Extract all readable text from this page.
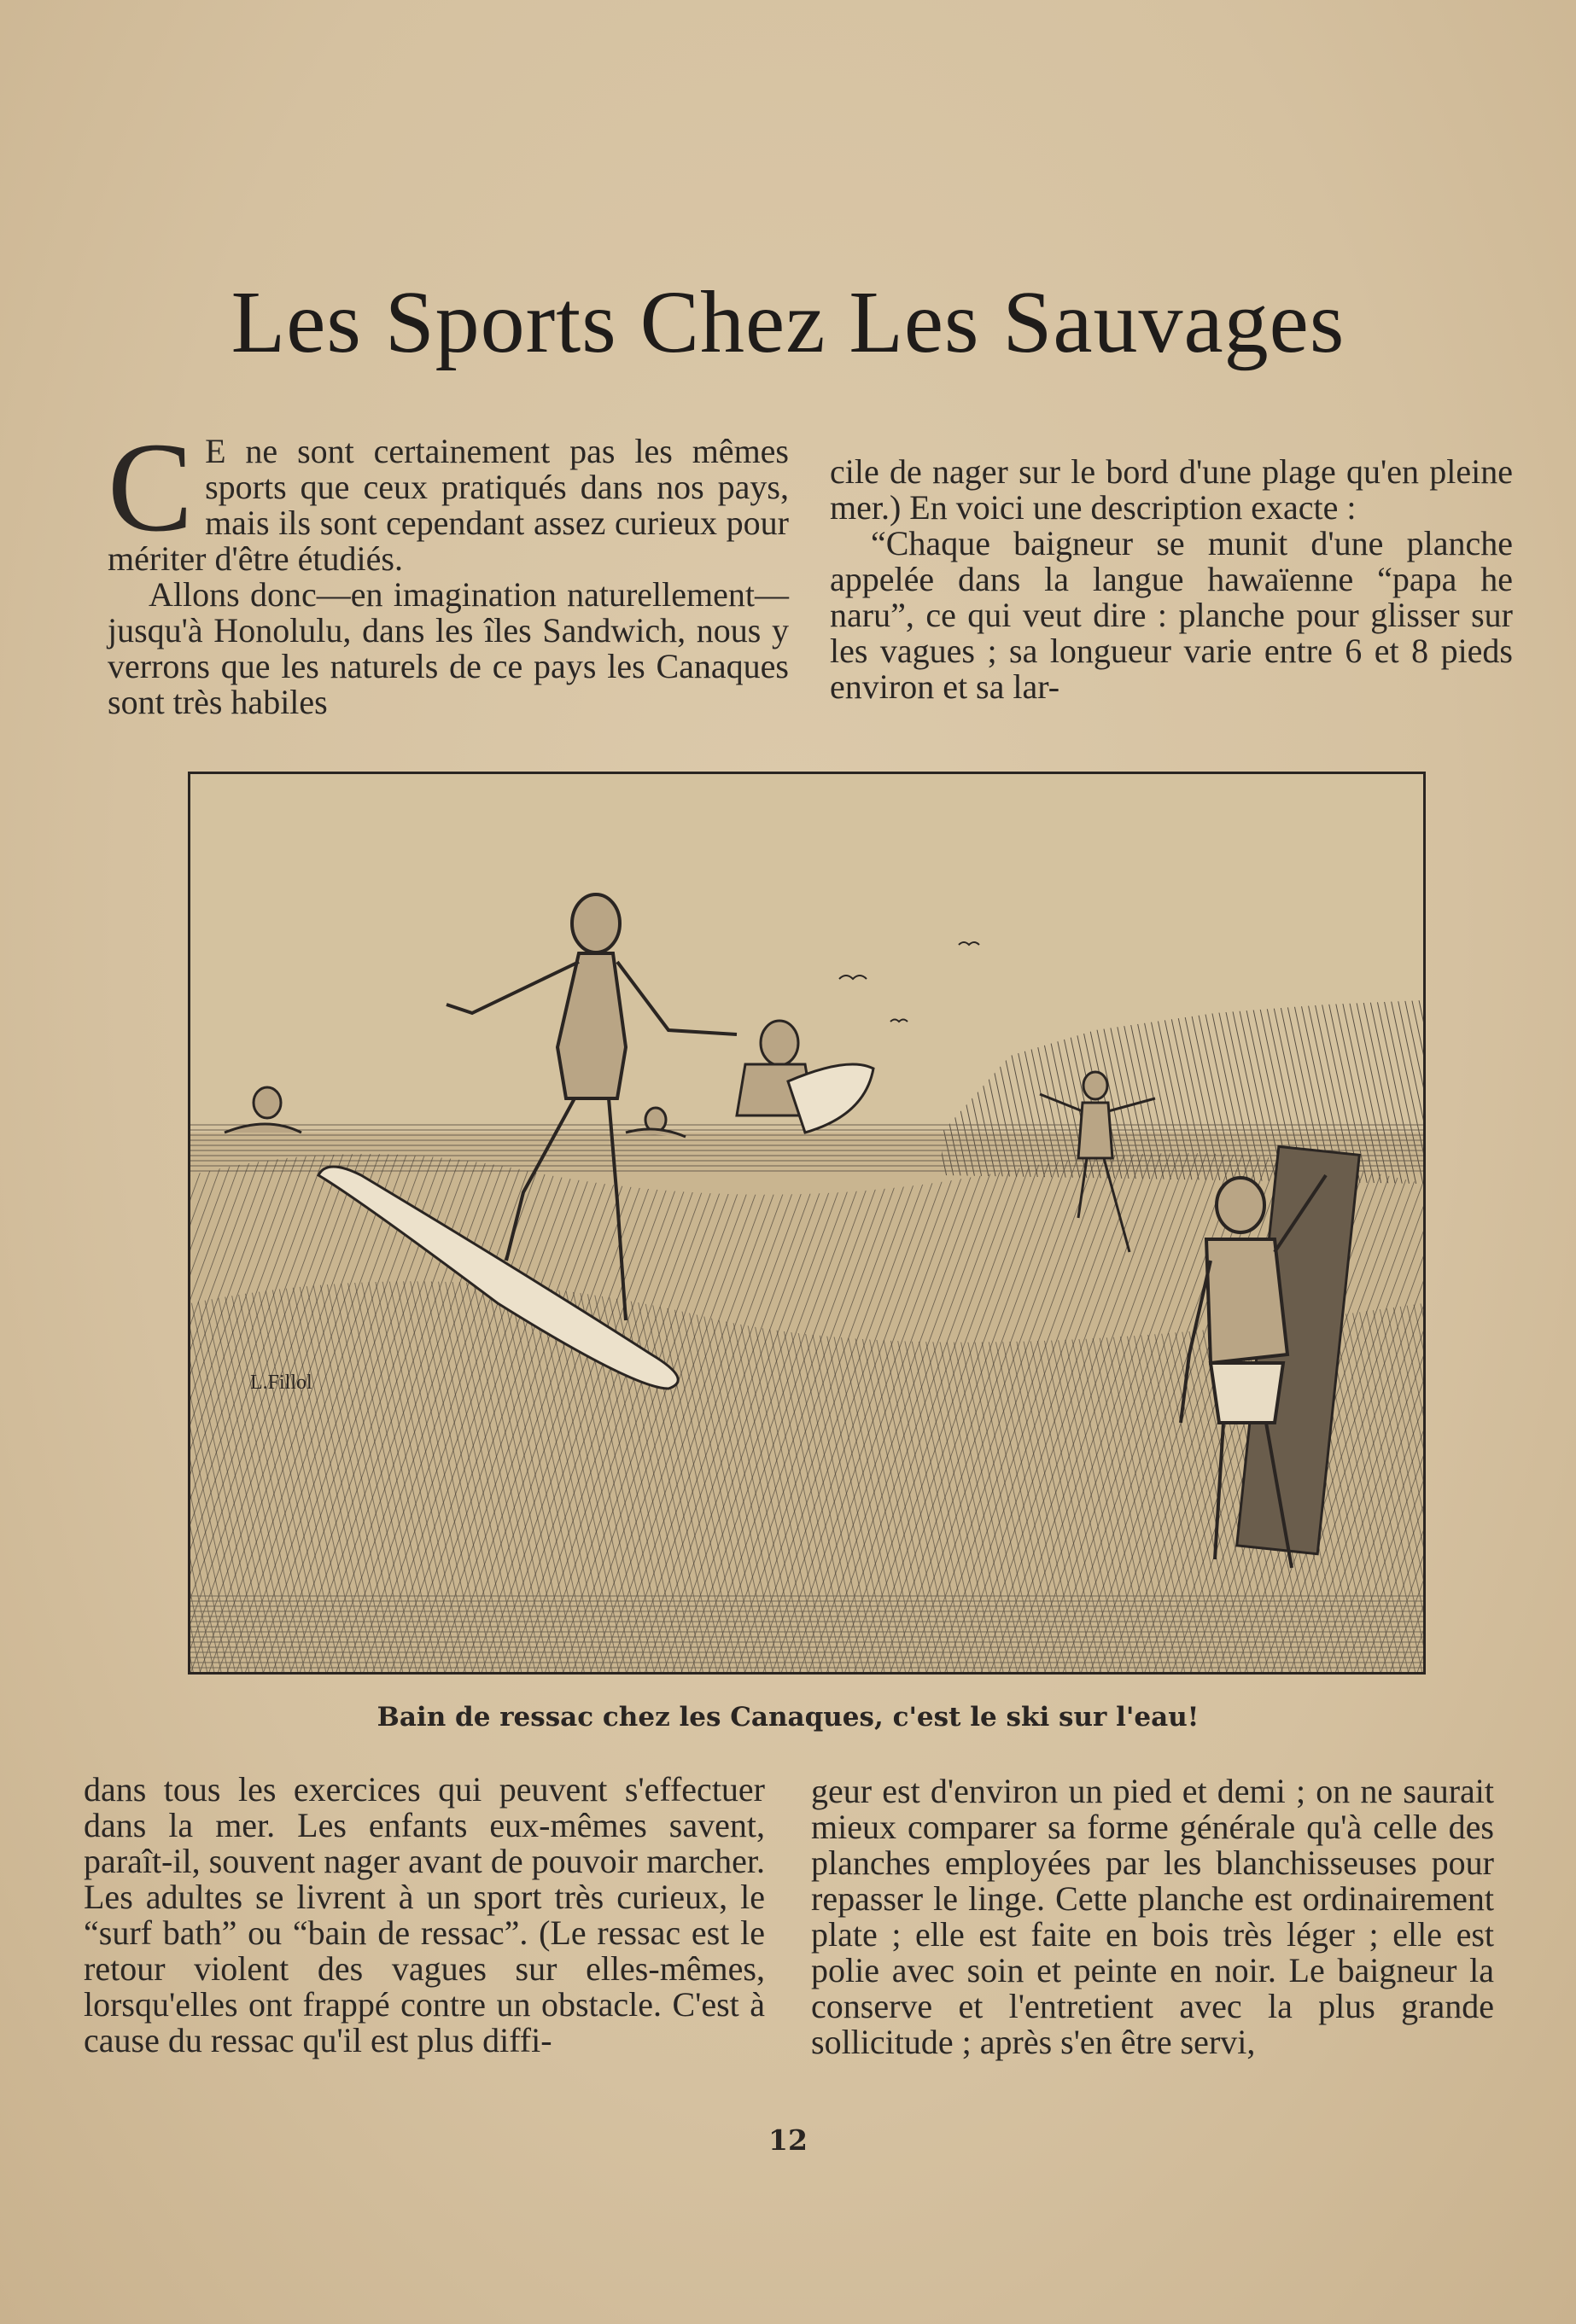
Les Sports Chez Les Sauvages

C E ne sont certainement pas les mêmes sports que ceux pratiqués dans nos pays, mais ils sont cependant assez curieux pour mériter d'être étudiés.

Allons donc—en imagination naturellement—jusqu'à Honolulu, dans les îles Sandwich, nous y verrons que les naturels de ce pays les Canaques sont très habiles

cile de nager sur le bord d'une plage qu'en pleine mer.) En voici une description exacte :

“Chaque baigneur se munit d'une planche appelée dans la langue hawaïenne “papa he naru”, ce qui veut dire : planche pour glisser sur les vagues ; sa longueur varie entre 6 et 8 pieds environ et sa lar-

L.Fillol
Bain de ressac chez les Canaques, c'est le ski sur l'eau!

dans tous les exercices qui peuvent s'effectuer dans la mer. Les enfants eux-mêmes savent, paraît-il, souvent nager avant de pouvoir marcher. Les adultes se livrent à un sport très curieux, le “surf bath” ou “bain de ressac”. (Le ressac est le retour violent des vagues sur elles-mêmes, lorsqu'elles ont frappé contre un obstacle. C'est à cause du ressac qu'il est plus diffi-

geur est d'environ un pied et demi ; on ne saurait mieux comparer sa forme générale qu'à celle des planches employées par les blanchisseuses pour repasser le linge. Cette planche est ordinairement plate ; elle est faite en bois très léger ; elle est polie avec soin et peinte en noir. Le baigneur la conserve et l'entretient avec la plus grande sollicitude ; après s'en être servi,

12
